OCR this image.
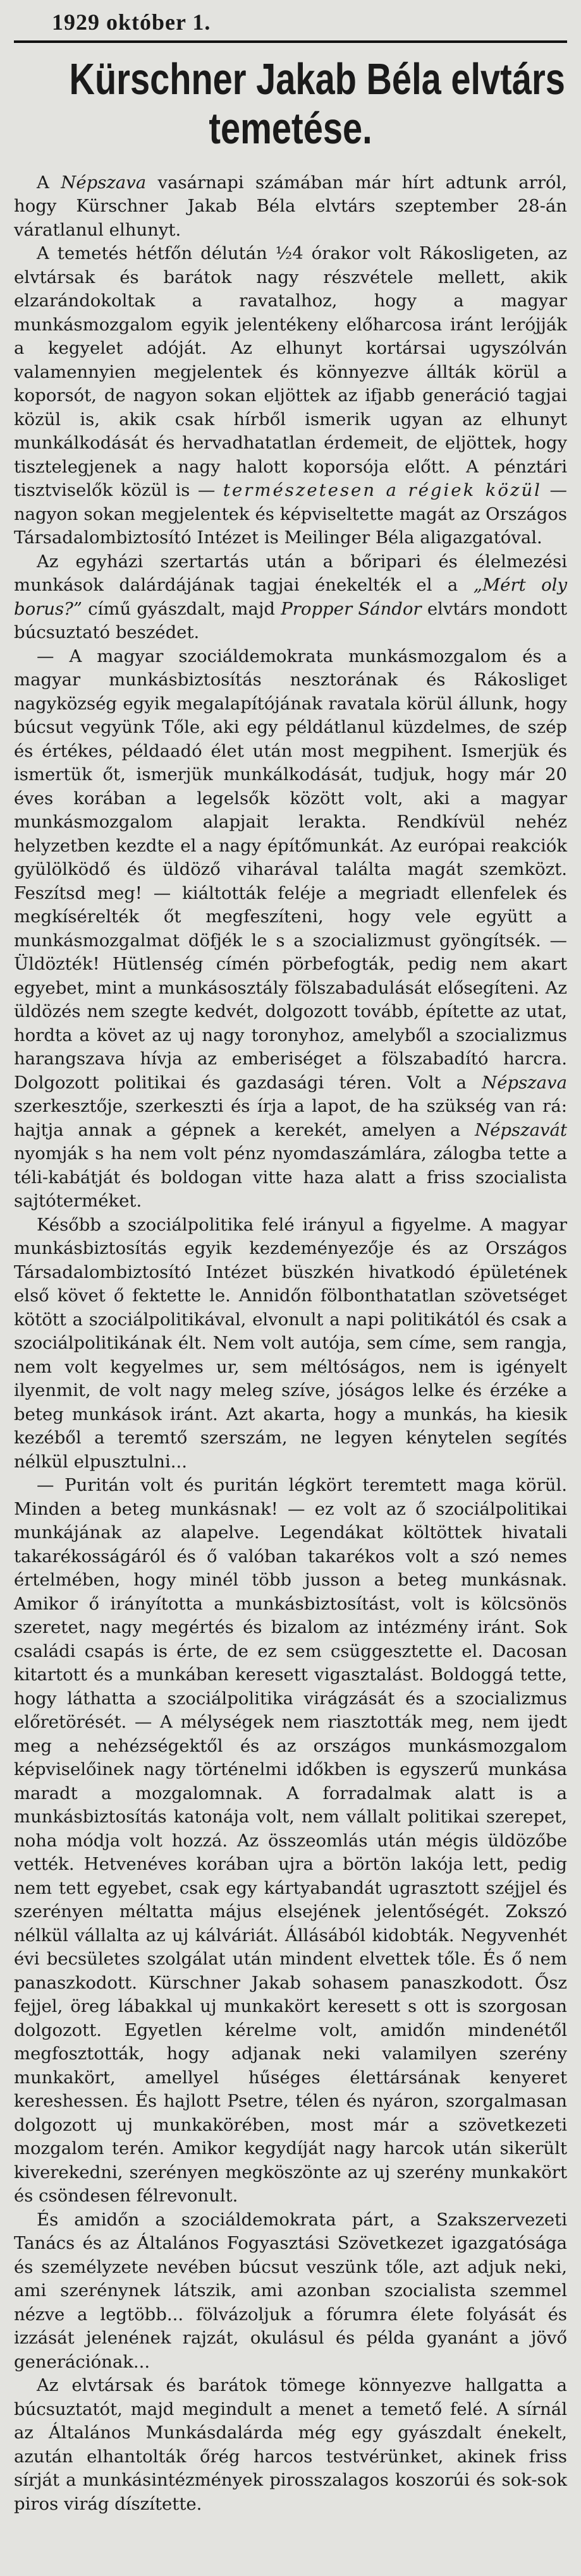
1929 október 1.
Kürschner Jakab Béla elvtárs
temetése.

A Népszava vasárnapi számában már hírt adtunk arról, hogy Kürschner Jakab Béla elvtárs szeptember 28-án váratlanul elhunyt.

A temetés hétfőn délután ½4 órakor volt Rákosligeten, az elvtársak és barátok nagy részvétele mellett, akik elzarándokoltak a ravatalhoz, hogy a magyar munkásmozgalom egyik jelentékeny előharcosa iránt lerójják a kegyelet adóját. Az elhunyt kortársai ugyszólván valamennyien megjelentek és könnyezve állták körül a koporsót, de nagyon sokan eljöttek az ifjabb generáció tagjai közül is, akik csak hírből ismerik ugyan az elhunyt munkálkodását és hervadhatatlan érdemeit, de eljöttek, hogy tisztelegjenek a nagy halott koporsója előtt. A pénztári tisztviselők közül is — természetesen a régiek közül — nagyon sokan megjelentek és képviseltette magát az Országos Társadalombiztosító Intézet is Meilinger Béla aligazgatóval.

Az egyházi szertartás után a bőripari és élelmezési munkások dalárdájának tagjai énekelték el a „Mért oly borus?” című gyászdalt, majd Propper Sándor elvtárs mondott búcsuztató beszédet.

— A magyar szociáldemokrata munkásmozgalom és a magyar munkásbiztosítás nesztorának és Rákosliget nagyközség egyik megalapítójának ravatala körül állunk, hogy búcsut vegyünk Tőle, aki egy példátlanul küzdelmes, de szép és értékes, példaadó élet után most megpihent. Ismerjük és ismertük őt, ismerjük munkálkodását, tudjuk, hogy már 20 éves korában a legelsők között volt, aki a magyar munkásmozgalom alapjait lerakta. Rendkívül nehéz helyzetben kezdte el a nagy építőmunkát. Az európai reakciók gyülölködő és üldöző viharával találta magát szemközt. Feszítsd meg! — kiáltották feléje a megriadt ellenfelek és megkísérelték őt megfeszíteni, hogy vele együtt a munkásmozgalmat döfjék le s a szocializmust gyöngítsék. — Üldözték! Hütlenség címén pörbefogták, pedig nem akart egyebet, mint a munkásosztály fölszabadulását elősegíteni. Az üldözés nem szegte kedvét, dolgozott tovább, építette az utat, hordta a követ az uj nagy toronyhoz, amelyből a szocializmus harangszava hívja az emberiséget a fölszabadító harcra. Dolgozott politikai és gazdasági téren. Volt a Népszava szerkesztője, szerkeszti és írja a lapot, de ha szükség van rá: hajtja annak a gépnek a kerekét, amelyen a Népszavát nyomják s ha nem volt pénz nyomdaszámlára, zálogba tette a téli-kabátját és boldogan vitte haza alatt a friss szocialista sajtóterméket.

Később a szociálpolitika felé irányul a figyelme. A magyar munkásbiztosítás egyik kezdeményezője és az Országos Társadalombiztosító Intézet büszkén hivatkodó épületének első követ ő fektette le. Annidőn fölbonthatatlan szövetséget kötött a szociálpolitikával, elvonult a napi politikától és csak a szociálpolitikának élt. Nem volt autója, sem címe, sem rangja, nem volt kegyelmes ur, sem méltóságos, nem is igényelt ilyenmit, de volt nagy meleg szíve, jóságos lelke és érzéke a beteg munkások iránt. Azt akarta, hogy a munkás, ha kiesik kezéből a teremtő szerszám, ne legyen kénytelen segítés nélkül elpusztulni...

— Puritán volt és puritán légkört teremtett maga körül. Minden a beteg munkásnak! — ez volt az ő szociálpolitikai munkájának az alapelve. Legendákat költöttek hivatali takarékosságáról és ő valóban takarékos volt a szó nemes értelmében, hogy minél több jusson a beteg munkásnak. Amikor ő irányította a munkásbiztosítást, volt is kölcsönös szeretet, nagy megértés és bizalom az intézmény iránt. Sok családi csapás is érte, de ez sem csüggesztette el. Dacosan kitartott és a munkában keresett vigasztalást. Boldoggá tette, hogy láthatta a szociálpolitika virágzását és a szocializmus előretörését. — A mélységek nem riasztották meg, nem ijedt meg a nehézségektől és az országos munkásmozgalom képviselőinek nagy történelmi időkben is egyszerű munkása maradt a mozgalomnak. A forradalmak alatt is a munkásbiztosítás katonája volt, nem vállalt politikai szerepet, noha módja volt hozzá. Az összeomlás után mégis üldözőbe vették. Hetvenéves korában ujra a börtön lakója lett, pedig nem tett egyebet, csak egy kártyabandát ugrasztott széjjel és szerényen méltatta május elsejének jelentőségét. Zokszó nélkül vállalta az uj kálváriát. Állásából kidobták. Negyvenhét évi becsületes szolgálat után mindent elvettek tőle. És ő nem panaszkodott. Kürschner Jakab sohasem panaszkodott. Ősz fejjel, öreg lábakkal uj munkakört keresett s ott is szorgosan dolgozott. Egyetlen kérelme volt, amidőn mindenétől megfosztották, hogy adjanak neki valamilyen szerény munkakört, amellyel hűséges élettársának kenyeret kereshessen. És hajlott Psetre, télen és nyáron, szorgalmasan dolgozott uj munkakörében, most már a szövetkezeti mozgalom terén. Amikor kegydíját nagy harcok után sikerült kiverekedni, szerényen megköszönte az uj szerény munkakört és csöndesen félrevonult.

És amidőn a szociáldemokrata párt, a Szakszervezeti Tanács és az Általános Fogyasztási Szövetkezet igazgatósága és személyzete nevében búcsut veszünk tőle, azt adjuk neki, ami szerénynek látszik, ami azonban szocialista szemmel nézve a legtöbb... fölvázoljuk a fórumra élete folyását és izzását jelenének rajzát, okulásul és példa gyanánt a jövő generációnak...

Az elvtársak és barátok tömege könnyezve hallgatta a búcsuztatót, majd megindult a menet a temető felé. A sírnál az Általános Munkásdalárda még egy gyászdalt énekelt, azután elhantolták őrég harcos testvérünket, akinek friss sírját a munkásintézmények pirosszalagos koszorúi és sok-sok piros virág díszítette.
